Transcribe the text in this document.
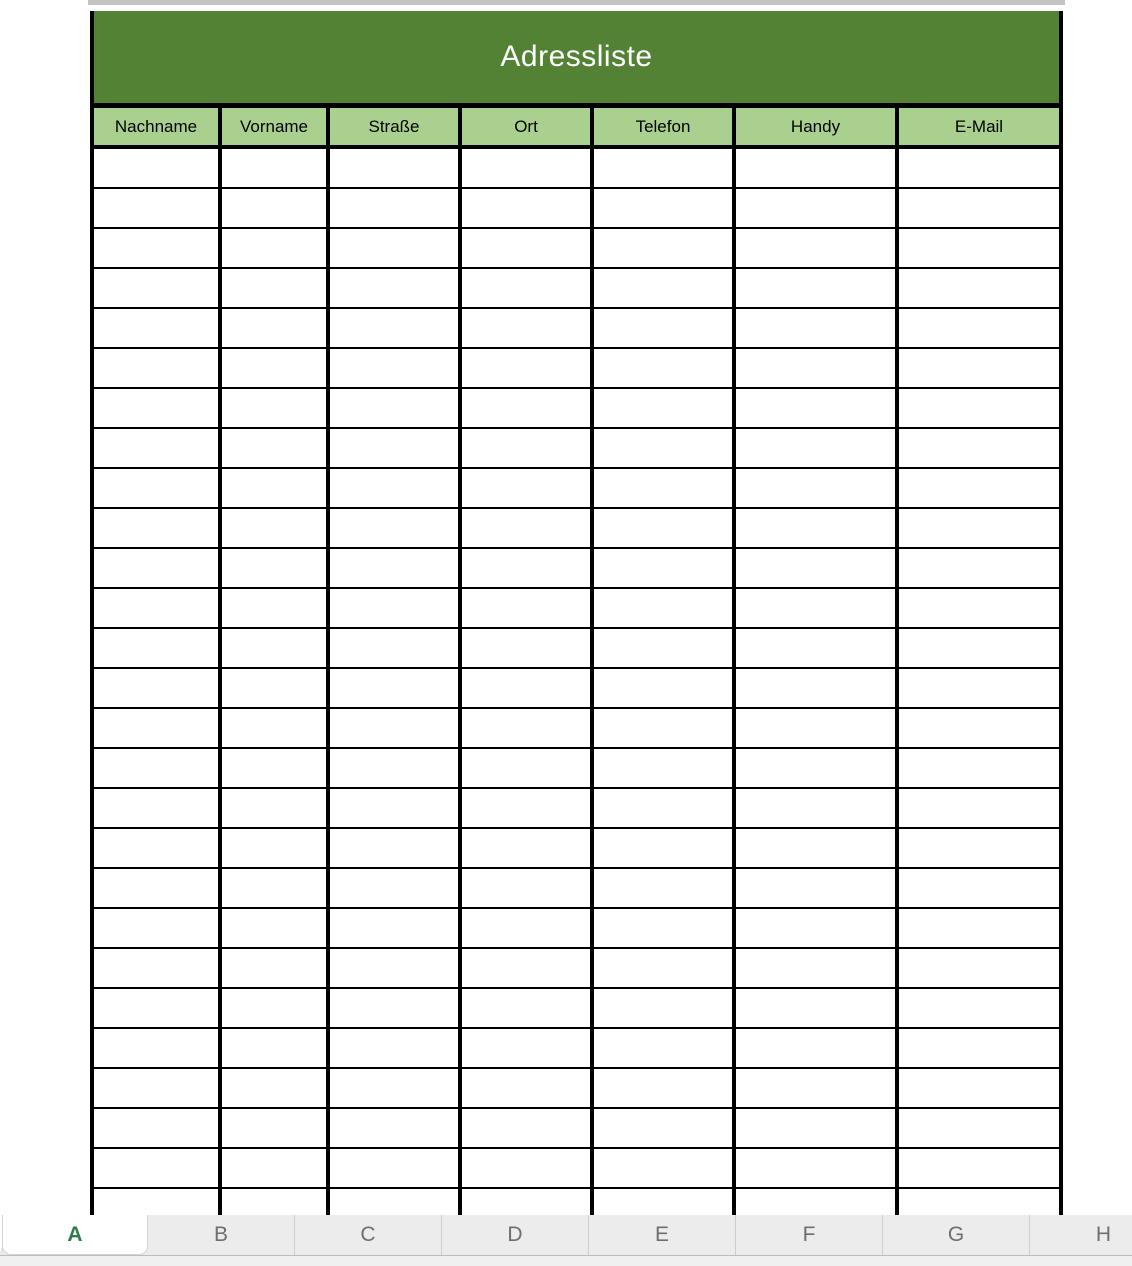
Adressliste
Nachname	Vorname	Straße	Ort	Telefon	Handy	E-Mail
A	B	C	D	E	F	G	H
